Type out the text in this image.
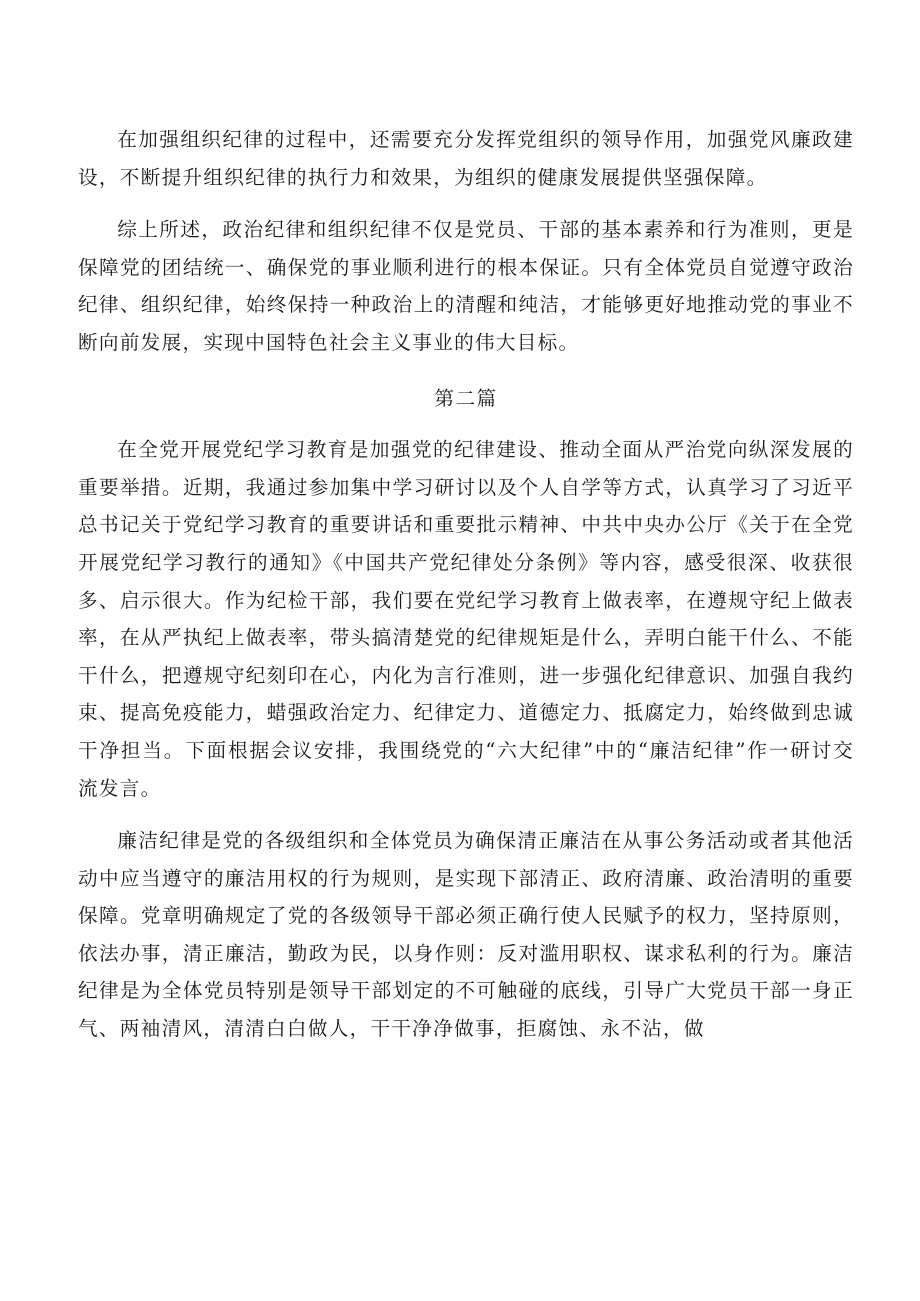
在加强组织纪律的过程中，还需要充分发挥党组织的领导作用，加强党风廉政建设，不断提升组织纪律的执行力和效果，为组织的健康发展提供坚强保障。

综上所述，政治纪律和组织纪律不仅是党员、干部的基本素养和行为准则，更是保障党的团结统一、确保党的事业顺利进行的根本保证。只有全体党员自觉遵守政治纪律、组织纪律，始终保持一种政治上的清醒和纯洁，才能够更好地推动党的事业不断向前发展，实现中国特色社会主义事业的伟大目标。

第二篇

在全党开展党纪学习教育是加强党的纪律建设、推动全面从严治党向纵深发展的重要举措。近期，我通过参加集中学习研讨以及个人自学等方式，认真学习了习近平总书记关于党纪学习教育的重要讲话和重要批示精神、中共中央办公厅《关于在全党开展党纪学习教行的通知》《中国共产党纪律处分条例》等内容，感受很深、收获很多、启示很大。作为纪检干部，我们要在党纪学习教育上做表率，在遵规守纪上做表率，在从严执纪上做表率，带头搞清楚党的纪律规矩是什么，弄明白能干什么、不能干什么，把遵规守纪刻印在心，内化为言行准则，进一步强化纪律意识、加强自我约束、提高免疫能力，蜡强政治定力、纪律定力、道德定力、抵腐定力，始终做到忠诚干净担当。下面根据会议安排，我围绕党的“六大纪律”中的“廉洁纪律”作一研讨交流发言。

廉洁纪律是党的各级组织和全体党员为确保清正廉洁在从事公务活动或者其他活动中应当遵守的廉洁用权的行为规则，是实现下部清正、政府清廉、政治清明的重要保障。党章明确规定了党的各级领导干部必须正确行使人民赋予的权力，坚持原则，依法办事，清正廉洁，勤政为民，以身作则：反对滥用职权、谋求私利的行为。廉洁纪律是为全体党员特别是领导干部划定的不可触碰的底线，引导广大党员干部一身正气、两袖清风，清清白白做人，干干净净做事，拒腐蚀、永不沾，做
